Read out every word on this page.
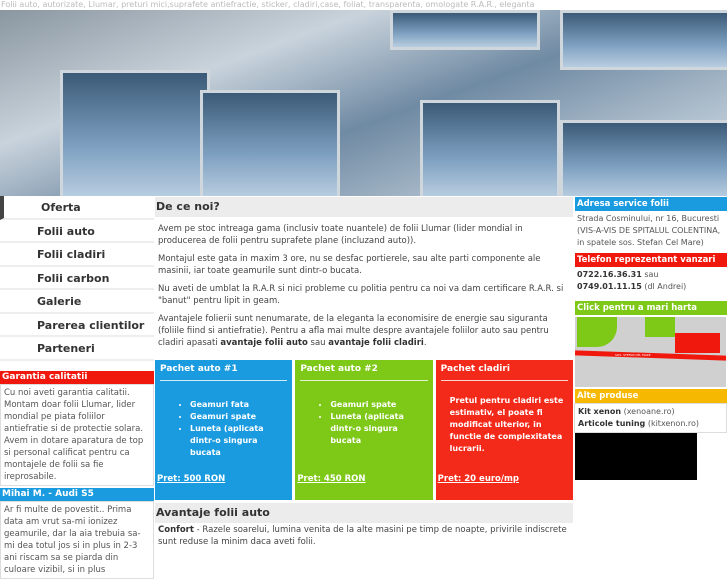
Folii auto, autorizate, Llumar, preturi mici,suprafete antiefractie, sticker, cladiri,case, foliat, transparenta, omologate R.A.R., eleganta
Oferta
Folii auto
Folii cladiri
Folii carbon
Galerie
Parerea clientilor
Parteneri
Garantia calitatii
Cu noi aveti garantia calitatii. Montam doar folii Llumar, lider mondial pe piata foliilor antiefratie si de protectie solara. Avem in dotare aparatura de top si personal calificat pentru ca montajele de folii sa fie ireprosabile.
Mihai M. - Audi S5
Ar fi multe de povestit.. Prima data am vrut sa-mi ionizez geamurile, dar la aia trebuia sa-mi dea totul jos si in plus in 2-3 ani riscam sa se piarda din culoare vizibil, si in plus
De ce noi?

Avem pe stoc intreaga gama (inclusiv toate nuantele) de folii Llumar (lider mondial in producerea de folii pentru suprafete plane (incluzand auto)).

Montajul este gata in maxim 3 ore, nu se desfac portierele, sau alte parti componente ale masinii, iar toate geamurile sunt dintr-o bucata.

Nu aveti de umblat la R.A.R si nici probleme cu politia pentru ca noi va dam certificare R.A.R. si "banut" pentru lipit in geam.

Avantajele folierii sunt nenumarate, de la eleganta la economisire de energie sau siguranta (foliile fiind si antiefratie). Pentru a afla mai multe despre avantajele foliilor auto sau pentru cladiri apasati avantaje folii auto sau avantaje folii cladiri.

Pachet auto #1
• Geamuri fata
• Geamuri spate
• Luneta (aplicata dintr-o singura bucata
Pret: 500 RON
Pachet auto #2
• Geamuri spate
• Luneta (aplicata dintr-o singura bucata
Pret: 450 RON
Pachet cladiri

Pretul pentru cladiri este estimativ, el poate fi modificat ulterior, in functie de complexitatea lucrarii.

Pret: 20 euro/mp
Avantaje folii auto

Confort - Razele soarelui, lumina venita de la alte masini pe timp de noapte, privirile indiscrete sunt reduse la minim daca aveti folii.

Adresa service folii
Strada Cosminului, nr 16, Bucuresti (VIS-A-VIS DE SPITALUL COLENTINA, in spatele sos. Stefan Cel Mare)
Telefon reprezentant vanzari
0722.16.36.31 sau
0749.01.11.15 (dl Andrei)
Click pentru a mari harta
SOS. STEFAN CEL MARE
Alte produse
Kit xenon (xenoane.ro)
Articole tuning (kitxenon.ro)
